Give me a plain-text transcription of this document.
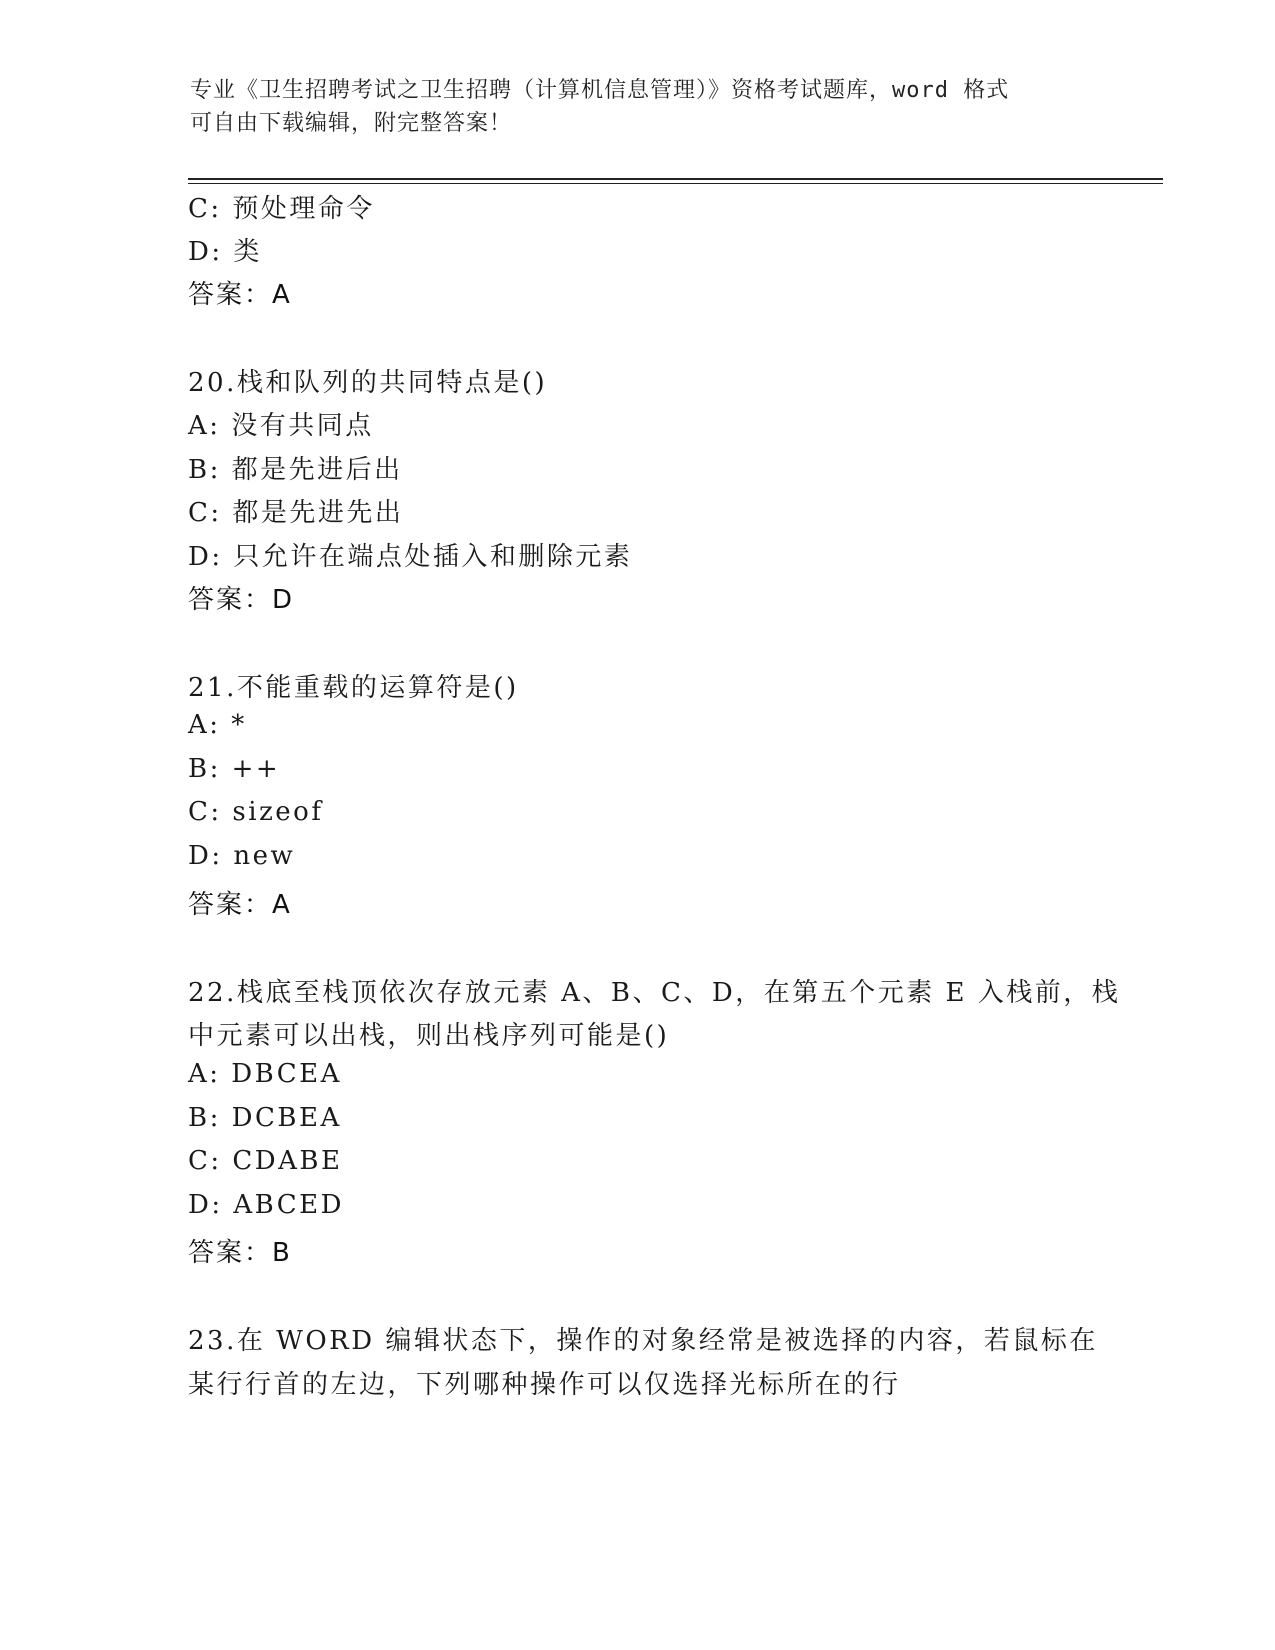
专业《卫生招聘考试之卫生招聘（计算机信息管理）》资格考试题库，word 格式
可自由下载编辑，附完整答案！
C: 预处理命令
D: 类
答案：A
20.栈和队列的共同特点是()
A: 没有共同点
B: 都是先进后出
C: 都是先进先出
D: 只允许在端点处插入和删除元素
答案：D
21.不能重载的运算符是()
A: *
B: ++
C: sizeof
D: new
答案：A
22.栈底至栈顶依次存放元素 A、B、C、D，在第五个元素 E 入栈前，栈
中元素可以出栈，则出栈序列可能是()
A: DBCEA
B: DCBEA
C: CDABE
D: ABCED
答案：B
23.在 WORD 编辑状态下，操作的对象经常是被选择的内容，若鼠标在
某行行首的左边，下列哪种操作可以仅选择光标所在的行
